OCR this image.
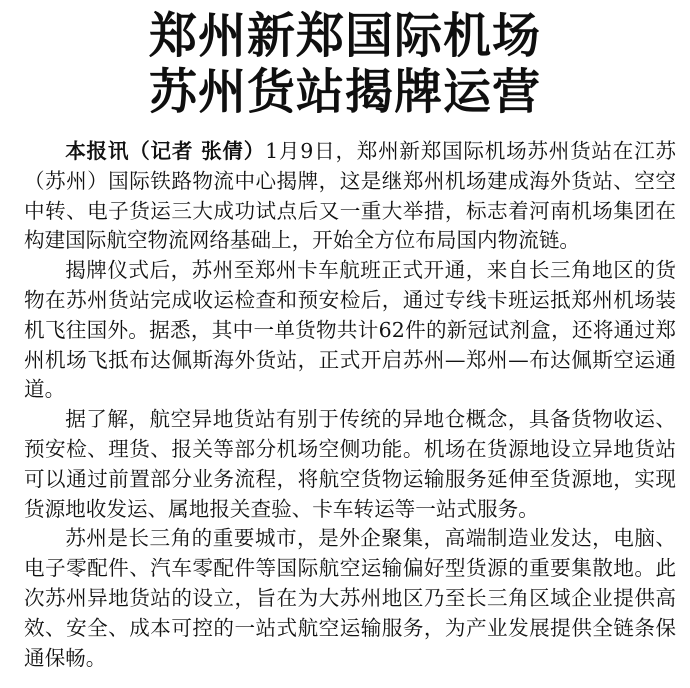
郑州新郑国际机场
苏州货站揭牌运营

本报讯（记者 张倩）1月9日，郑州新郑国际机场苏州货站在江苏（苏州）国际铁路物流中心揭牌，这是继郑州机场建成海外货站、空空中转、电子货运三大成功试点后又一重大举措，标志着河南机场集团在构建国际航空物流网络基础上，开始全方位布局国内物流链。

揭牌仪式后，苏州至郑州卡车航班正式开通，来自长三角地区的货物在苏州货站完成收运检查和预安检后，通过专线卡班运抵郑州机场装机飞往国外。据悉，其中一单货物共计62件的新冠试剂盒，还将通过郑州机场飞抵布达佩斯海外货站，正式开启苏州—郑州—布达佩斯空运通道。

据了解，航空异地货站有别于传统的异地仓概念，具备货物收运、预安检、理货、报关等部分机场空侧功能。机场在货源地设立异地货站可以通过前置部分业务流程，将航空货物运输服务延伸至货源地，实现货源地收发运、属地报关查验、卡车转运等一站式服务。

苏州是长三角的重要城市，是外企聚集，高端制造业发达，电脑、电子零配件、汽车零配件等国际航空运输偏好型货源的重要集散地。此次苏州异地货站的设立，旨在为大苏州地区乃至长三角区域企业提供高效、安全、成本可控的一站式航空运输服务，为产业发展提供全链条保通保畅。
